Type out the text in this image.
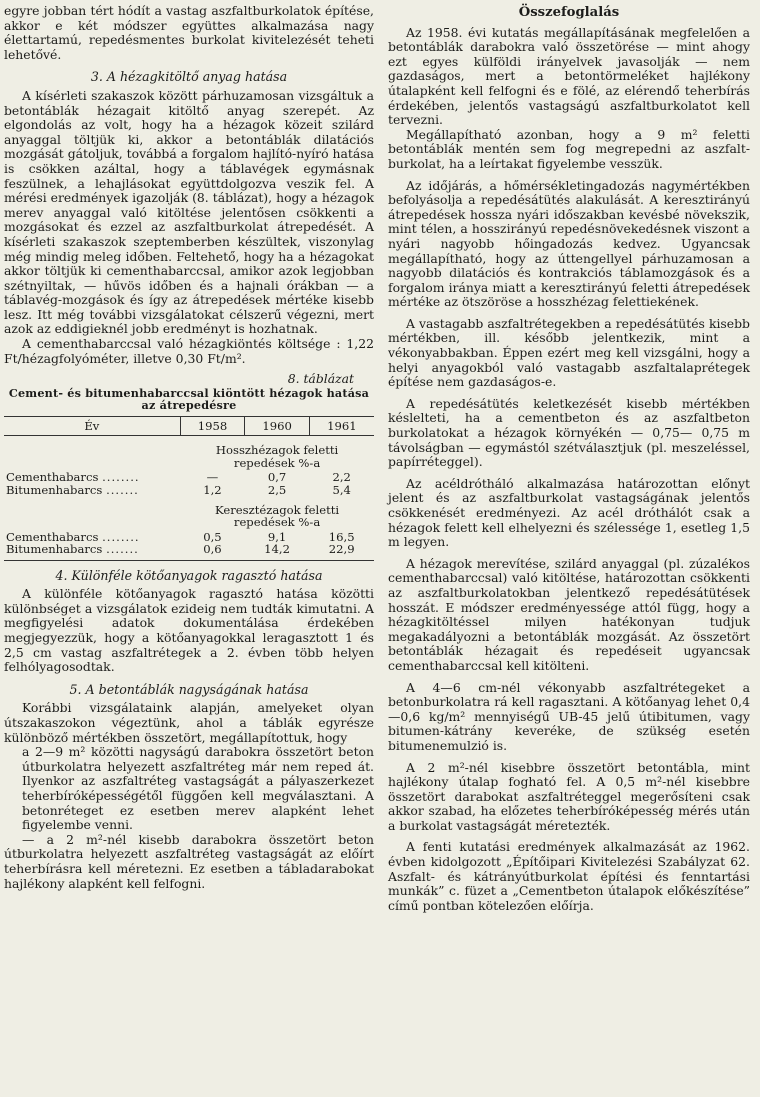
egyre jobban tért hódít a vastag aszfaltburkolatok építése, akkor e két módszer együttes alkalmazása nagy élettartamú, repedésmentes burkolat kivitelezését teheti lehetővé.

3. A hézagkitöltő anyag hatása

A kísérleti szakaszok között párhuzamosan vizsgáltuk a betontáblák hézagait kitöltő anyag szerepét. Az elgondolás az volt, hogy ha a hézagok közeit szilárd anyaggal töltjük ki, akkor a betontáblák dilatációs mozgását gátoljuk, továbbá a forgalom hajlító-nyíró hatása is csökken azáltal, hogy a táblavégek egymásnak feszülnek, a lehajlásokat együttdolgozva veszik fel. A mérési eredmények igazolják (8. táblázat), hogy a hézagok merev anyaggal való kitöltése jelentősen csökkenti a mozgásokat és ezzel az aszfaltburkolat átrepedését. A kísérleti szakaszok szeptemberben készültek, viszonylag még mindig meleg időben. Feltehető, hogy ha a hézagokat akkor töltjük ki cementhabarccsal, amikor azok legjobban szétnyiltak, — hűvös időben és a hajnali órákban — a táblavég-mozgások és így az átrepedések mértéke kisebb lesz. Itt még további vizsgálatokat célszerű végezni, mert azok az eddigieknél jobb eredményt is hozhatnak.

A cementhabarccsal való hézagkiöntés költsége : 1,22 Ft/hézagfolyóméter, illetve 0,30 Ft/m².

8. táblázat
Cement- és bitumenhabarccsal kiöntött hézagok hatása
az átrepedésre
Év	1958	1960	1961

	Hosszhézagok feletti
repedések %-a		

Cementhabarcs ........	—	0,7	2,2
Bitumenhabarcs .......	1,2	2,5	5,4

	Keresztézagok feletti
repedések %-a		

Cementhabarcs ........	0,5	9,1	16,5
Bitumenhabarcs .......	0,6	14,2	22,9
4. Különféle kötőanyagok ragasztó hatása

A különféle kötőanyagok ragasztó hatása közötti különbséget a vizsgálatok ezideig nem tudták kimutatni. A megfigyelési adatok dokumentálása érdekében megjegyezzük, hogy a kötőanyagokkal leragasztott 1 és 2,5 cm vastag aszfaltrétegek a 2. évben több helyen felhólyagosodtak.

5. A betontáblák nagyságának hatása

Korábbi vizsgálataink alapján, amelyeket olyan útszakaszokon végeztünk, ahol a táblák egyrésze különböző mértékben összetört, megállapítottuk, hogy

a 2—9 m² közötti nagyságú darabokra összetört beton útburkolatra helyezett aszfaltréteg már nem reped át. Ilyenkor az aszfaltréteg vastagságát a pályaszerkezet teherbíróképességétől függően kell megválasztani. A betonréteget ez esetben merev alapként lehet figyelembe venni.

— a 2 m²-nél kisebb darabokra összetört beton útburkolatra helyezett aszfaltréteg vastagságát az előírt teherbírásra kell méretezni. Ez esetben a tábladarabokat hajlékony alapként kell felfogni.

Összefoglalás

Az 1958. évi kutatás megállapításának megfelelően a betontáblák darabokra való összetörése — mint ahogy ezt egyes külföldi irányelvek javasolják — nem gazdaságos, mert a betontörmeléket hajlékony útalapként kell felfogni és e fölé, az elérendő teherbírás érdekében, jelentős vastagságú aszfaltburkolatot kell tervezni.

Megállapítható azonban, hogy a 9 m² feletti betontáblák mentén sem fog megrepedni az aszfaltburkolat, ha a leírtakat figyelembe vesszük.

Az időjárás, a hőmérsékletingadozás nagymértékben befolyásolja a repedésátütés alakulását. A keresztirányú átrepedések hossza nyári időszakban kevésbé növekszik, mint télen, a hosszirányú repedésnövekedésnek viszont a nyári nagyobb hőingadozás kedvez. Ugyancsak megállapítható, hogy az úttengellyel párhuzamosan a nagyobb dilatációs és kontrakciós táblamozgások és a forgalom iránya miatt a keresztirányú feletti átrepedések mértéke az ötszöröse a hosszhézag felettiekének.

A vastagabb aszfaltrétegekben a repedésátütés kisebb mértékben, ill. később jelentkezik, mint a vékonyabbakban. Éppen ezért meg kell vizsgálni, hogy a helyi anyagokból való vastagabb aszfaltalaprétegek építése nem gazdaságos-e.

A repedésátütés keletkezését kisebb mértékben késlelteti, ha a cementbeton és az aszfaltbeton burkolatokat a hézagok környékén — 0,75— 0,75 m távolságban — egymástól szétválasztjuk (pl. meszeléssel, papírréteggel).

Az acéldrótháló alkalmazása határozottan előnyt jelent és az aszfaltburkolat vastagságának jelentős csökkenését eredményezi. Az acél dróthálót csak a hézagok felett kell elhelyezni és szélessége 1, esetleg 1,5 m legyen.

A hézagok merevítése, szilárd anyaggal (pl. zúzalékos cementhabarccsal) való kitöltése, határozottan csökkenti az aszfaltburkolatokban jelentkező repedésátütések hosszát. E módszer eredményessége attól függ, hogy a hézagkitöltéssel milyen hatékonyan tudjuk megakadályozni a betontáblák mozgását. Az összetört betontáblák hézagait és repedéseit ugyancsak cementhabarccsal kell kitölteni.

A 4—6 cm-nél vékonyabb aszfaltrétegeket a betonburkolatra rá kell ragasztani. A kötőanyag lehet 0,4—0,6 kg/m² mennyiségű UB-45 jelű útibitumen, vagy bitumen-kátrány keveréke, de szükség esetén bitumenemulzió is.

A 2 m²-nél kisebbre összetört betontábla, mint hajlékony útalap fogható fel. A 0,5 m²-nél kisebbre összetört darabokat aszfaltréteggel megerősíteni csak akkor szabad, ha előzetes teherbíróképesség mérés után a burkolat vastagságát méretezték.

A fenti kutatási eredmények alkalmazását az 1962. évben kidolgozott „Építőipari Kivitelezési Szabályzat 62. Aszfalt- és kátrányútburkolat építési és fenntartási munkák” c. füzet a „Cementbeton útalapok előkészítése” című pontban kötelezően előírja.
